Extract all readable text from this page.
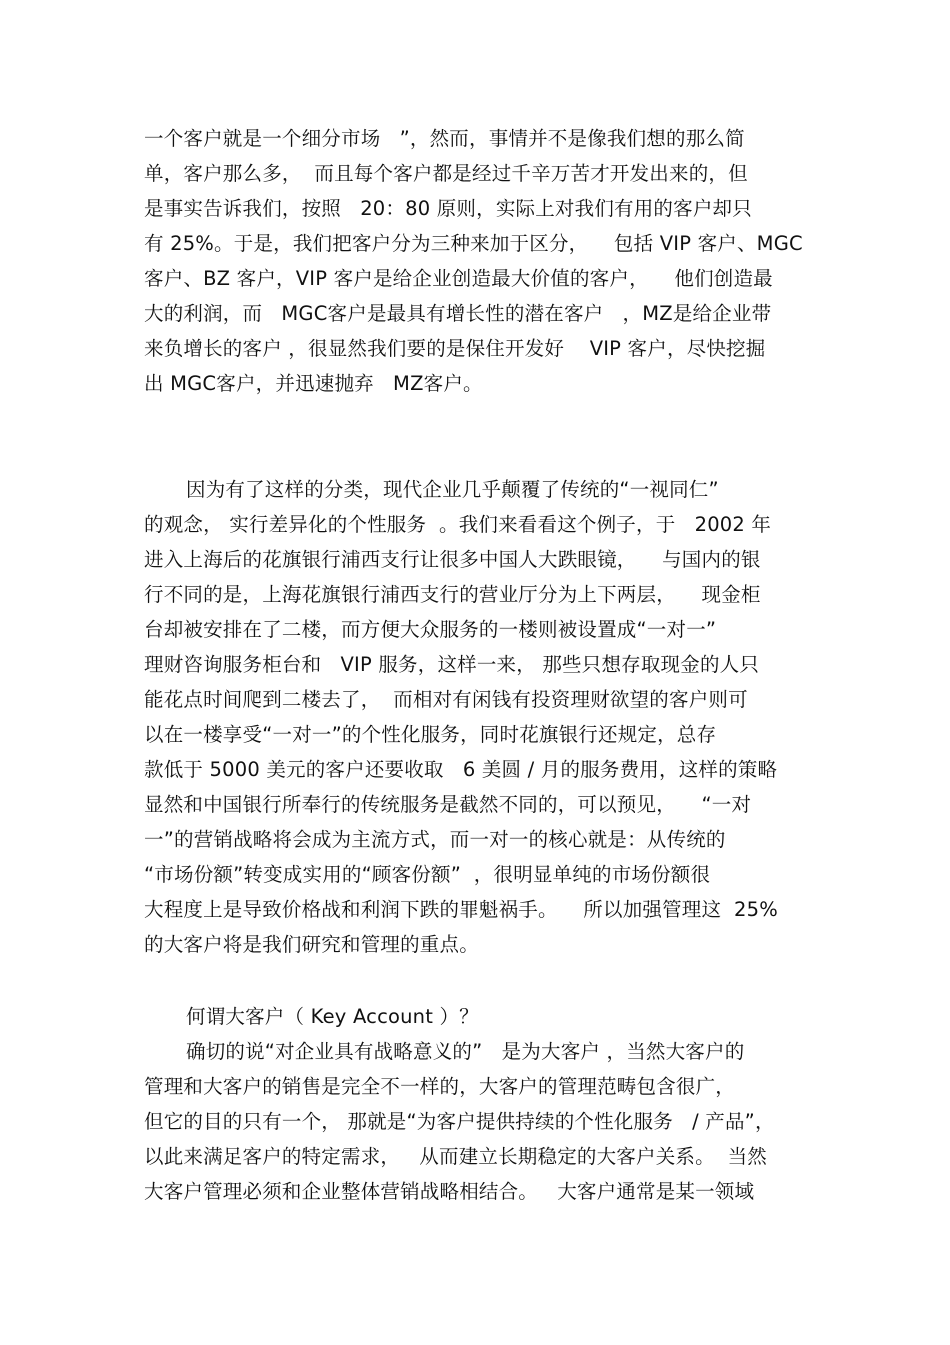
一个客户就是一个细分市场   ”，然而，事情并不是像我们想的那么简
单，客户那么多，  而且每个客户都是经过千辛万苦才开发出来的，但
是事实告诉我们，按照   20：80 原则，实际上对我们有用的客户却只
有 25%。于是，我们把客户分为三种来加于区分，    包括 VIP 客户、MGC
客户、BZ 客户，VIP 客户是给企业创造最大价值的客户，    他们创造最
大的利润，而   MGC客户是最具有增长性的潜在客户   ，MZ是给企业带
来负增长的客户 ，很显然我们要的是保住开发好    VIP 客户，尽快挖掘
出 MGC客户，并迅速抛弃   MZ客户。
因为有了这样的分类，现代企业几乎颠覆了传统的“一视同仁”
的观念， 实行差异化的个性服务  。我们来看看这个例子，于   2002 年
进入上海后的花旗银行浦西支行让很多中国人大跌眼镜，    与国内的银
行不同的是，上海花旗银行浦西支行的营业厅分为上下两层，    现金柜
台却被安排在了二楼，而方便大众服务的一楼则被设置成“一对一”
理财咨询服务柜台和   VIP 服务，这样一来， 那些只想存取现金的人只
能花点时间爬到二楼去了，  而相对有闲钱有投资理财欲望的客户则可
以在一楼享受“一对一”的个性化服务，同时花旗银行还规定，总存
款低于 5000 美元的客户还要收取   6 美圆 / 月的服务费用，这样的策略
显然和中国银行所奉行的传统服务是截然不同的，可以预见，    “一对
一”的营销战略将会成为主流方式，而一对一的核心就是：从传统的
“市场份额”转变成实用的“顾客份额”  ，很明显单纯的市场份额很
大程度上是导致价格战和利润下跌的罪魁祸手。    所以加强管理这  25%
的大客户将是我们研究和管理的重点。
何谓大客户（ Key Account ）？
确切的说“对企业具有战略意义的”   是为大客户 ，当然大客户的
管理和大客户的销售是完全不一样的，大客户的管理范畴包含很广，
但它的目的只有一个， 那就是“为客户提供持续的个性化服务   / 产品”，
以此来满足客户的特定需求，   从而建立长期稳定的大客户关系。  当然
大客户管理必须和企业整体营销战略相结合。   大客户通常是某一领域
